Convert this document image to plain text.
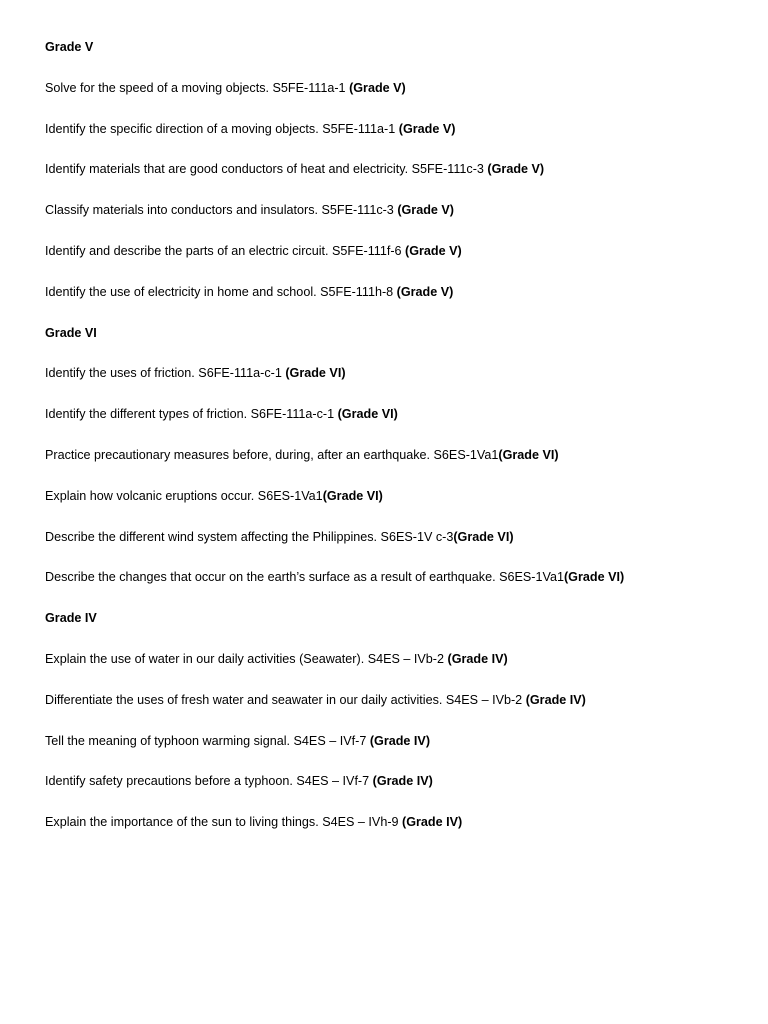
Grade V
Solve for the speed of a moving objects. S5FE-111a-1 (Grade V)
Identify the specific direction of a moving objects. S5FE-111a-1 (Grade V)
Identify materials that are good conductors of heat and electricity. S5FE-111c-3 (Grade V)
Classify materials into conductors and insulators. S5FE-111c-3 (Grade V)
Identify and describe the parts of an electric circuit. S5FE-111f-6 (Grade V)
Identify the use of electricity in home and school. S5FE-111h-8 (Grade V)
Grade VI
Identify the uses of friction. S6FE-111a-c-1 (Grade VI)
Identify the different types of friction. S6FE-111a-c-1 (Grade VI)
Practice precautionary measures before, during, after an earthquake. S6ES-1Va1(Grade VI)
Explain how volcanic eruptions occur. S6ES-1Va1(Grade VI)
Describe the different wind system affecting the Philippines. S6ES-1V c-3(Grade VI)
Describe the changes that occur on the earth’s surface as a result of earthquake. S6ES-1Va1(Grade VI)
Grade IV
Explain the use of water in our daily activities (Seawater). S4ES – IVb-2 (Grade IV)
Differentiate the uses of fresh water and seawater in our daily activities. S4ES – IVb-2 (Grade IV)
Tell the meaning of typhoon warming signal. S4ES – IVf-7 (Grade IV)
Identify safety precautions before a typhoon. S4ES – IVf-7 (Grade IV)
Explain the importance of the sun to living things. S4ES – IVh-9 (Grade IV)
